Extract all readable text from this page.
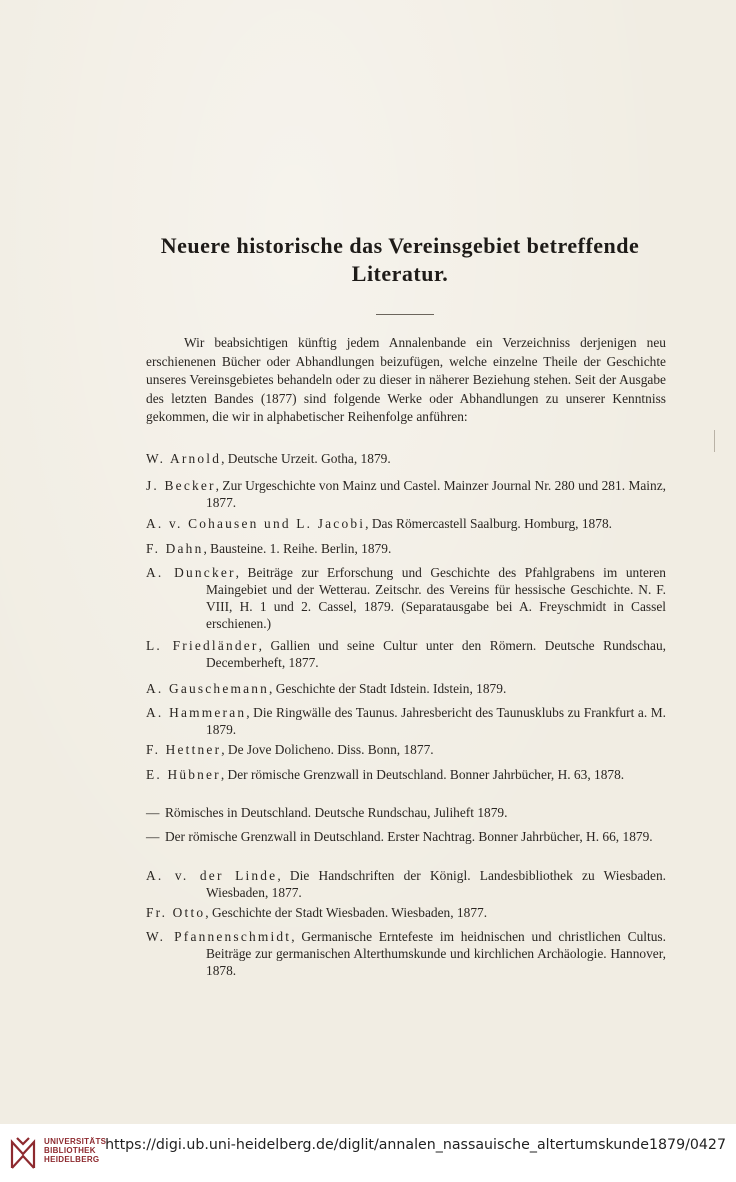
Neuere historische das Vereinsgebiet betreffende
Literatur.
Wir beabsichtigen künftig jedem Annalenbande ein Verzeichniss derjenigen neu erschienenen Bücher oder Abhandlungen beizufügen, welche einzelne Theile der Geschichte unseres Vereinsgebietes behandeln oder zu dieser in näherer Beziehung stehen. Seit der Ausgabe des letzten Bandes (1877) sind folgende Werke oder Abhandlungen zu unserer Kenntniss gekommen, die wir in alphabetischer Reihenfolge anführen:
W. Arnold, Deutsche Urzeit. Gotha, 1879.
J. Becker, Zur Urgeschichte von Mainz und Castel. Mainzer Journal Nr. 280 und 281. Mainz, 1877.
A. v. Cohausen und L. Jacobi, Das Römercastell Saalburg. Homburg, 1878.
F. Dahn, Bausteine. 1. Reihe. Berlin, 1879.
A. Duncker, Beiträge zur Erforschung und Geschichte des Pfahlgrabens im unteren Maingebiet und der Wetterau. Zeitschr. des Vereins für hessische Geschichte. N. F. VIII, H. 1 und 2. Cassel, 1879. (Separatausgabe bei A. Freyschmidt in Cassel erschienen.)
L. Friedländer, Gallien und seine Cultur unter den Römern. Deutsche Rundschau, Decemberheft, 1877.
A. Gauschemann, Geschichte der Stadt Idstein. Idstein, 1879.
A. Hammeran, Die Ringwälle des Taunus. Jahresbericht des Taunusklubs zu Frankfurt a. M. 1879.
F. Hettner, De Jove Dolicheno. Diss. Bonn, 1877.
E. Hübner, Der römische Grenzwall in Deutschland. Bonner Jahrbücher, H. 63, 1878.
— Römisches in Deutschland. Deutsche Rundschau, Juliheft 1879.
— Der römische Grenzwall in Deutschland. Erster Nachtrag. Bonner Jahrbücher, H. 66, 1879.
A. v. der Linde, Die Handschriften der Königl. Landesbibliothek zu Wiesbaden. Wiesbaden, 1877.
Fr. Otto, Geschichte der Stadt Wiesbaden. Wiesbaden, 1877.
W. Pfannenschmidt, Germanische Erntefeste im heidnischen und christlichen Cultus. Beiträge zur germanischen Alterthumskunde und kirchlichen Archäologie. Hannover, 1878.
UNIVERSITÄTS-
BIBLIOTHEK
HEIDELBERG
https://digi.ub.uni-heidelberg.de/diglit/annalen_nassauische_altertumskunde1879/0427
